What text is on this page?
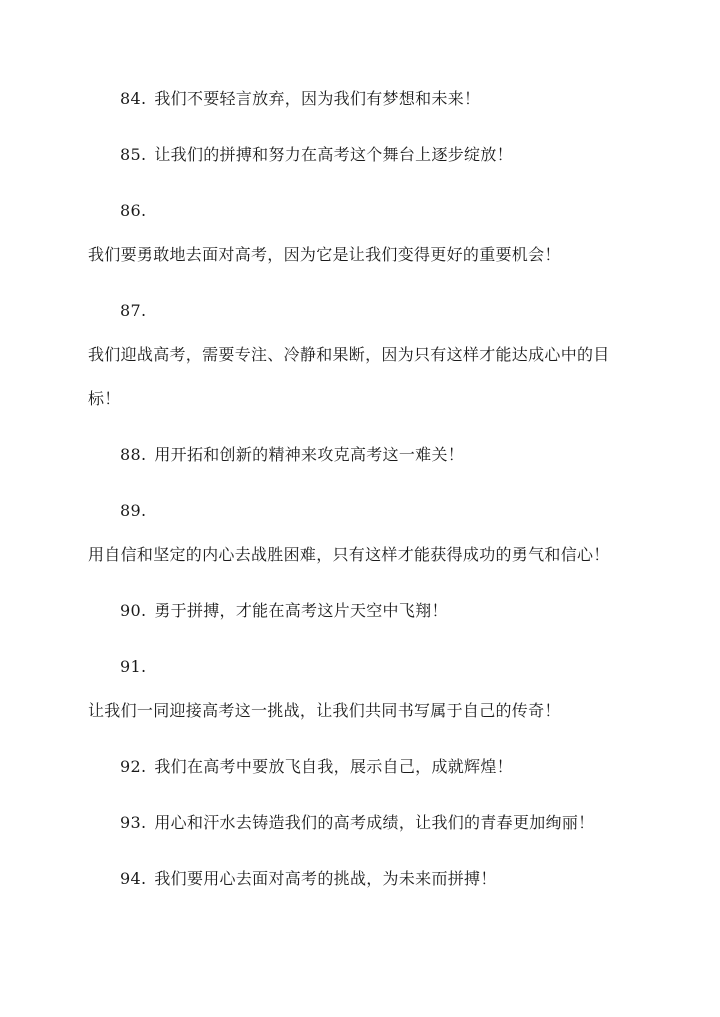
84. 我们不要轻言放弃，因为我们有梦想和未来！
85. 让我们的拼搏和努力在高考这个舞台上逐步绽放！
86.
我们要勇敢地去面对高考，因为它是让我们变得更好的重要机会！
87.
我们迎战高考，需要专注、冷静和果断，因为只有这样才能达成心中的目
标！
88. 用开拓和创新的精神来攻克高考这一难关！
89.
用自信和坚定的内心去战胜困难，只有这样才能获得成功的勇气和信心！
90. 勇于拼搏，才能在高考这片天空中飞翔！
91.
让我们一同迎接高考这一挑战，让我们共同书写属于自己的传奇！
92. 我们在高考中要放飞自我，展示自己，成就辉煌！
93. 用心和汗水去铸造我们的高考成绩，让我们的青春更加绚丽！
94. 我们要用心去面对高考的挑战，为未来而拼搏！
